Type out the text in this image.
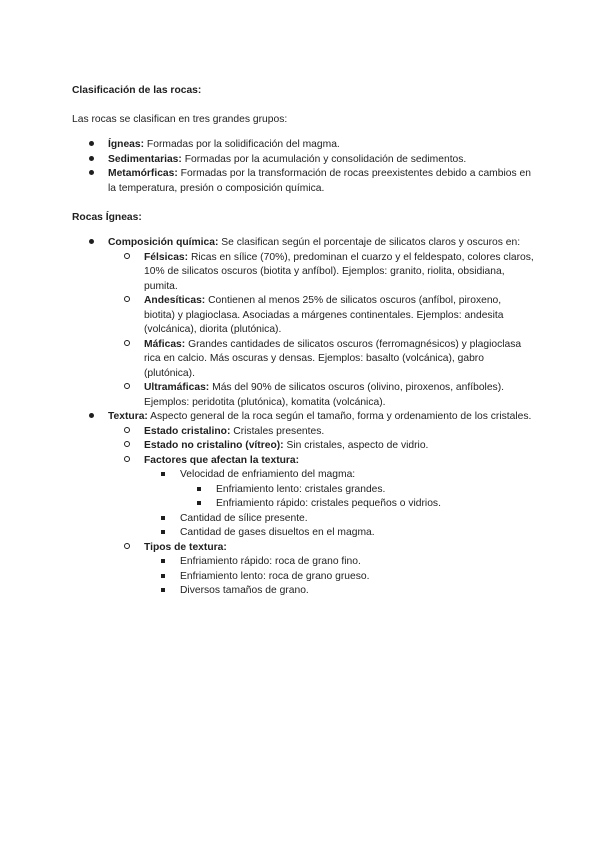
Clasificación de las rocas:

Las rocas se clasifican en tres grandes grupos:

Ígneas: Formadas por la solidificación del magma.
Sedimentarias: Formadas por la acumulación y consolidación de sedimentos.
Metamórficas: Formadas por la transformación de rocas preexistentes debido a cambios en la temperatura, presión o composición química.

Rocas Ígneas:

Composición química: Se clasifican según el porcentaje de silicatos claros y oscuros en:
Félsicas: Ricas en sílice (70%), predominan el cuarzo y el feldespato, colores claros, 10% de silicatos oscuros (biotita y anfíbol). Ejemplos: granito, riolita, obsidiana, pumita.
Andesíticas: Contienen al menos 25% de silicatos oscuros (anfíbol, piroxeno, biotita) y plagioclasa. Asociadas a márgenes continentales. Ejemplos: andesita (volcánica), diorita (plutónica).
Máficas: Grandes cantidades de silicatos oscuros (ferromagnésicos) y plagioclasa rica en calcio. Más oscuras y densas. Ejemplos: basalto (volcánica), gabro (plutónica).
Ultramáficas: Más del 90% de silicatos oscuros (olivino, piroxenos, anfíboles). Ejemplos: peridotita (plutónica), komatita (volcánica).
Textura: Aspecto general de la roca según el tamaño, forma y ordenamiento de los cristales.
Estado cristalino: Cristales presentes.
Estado no cristalino (vítreo): Sin cristales, aspecto de vidrio.
Factores que afectan la textura:
Velocidad de enfriamiento del magma:
Enfriamiento lento: cristales grandes.
Enfriamiento rápido: cristales pequeños o vidrios.
Cantidad de sílice presente.
Cantidad de gases disueltos en el magma.
Tipos de textura:
Enfriamiento rápido: roca de grano fino.
Enfriamiento lento: roca de grano grueso.
Diversos tamaños de grano.
